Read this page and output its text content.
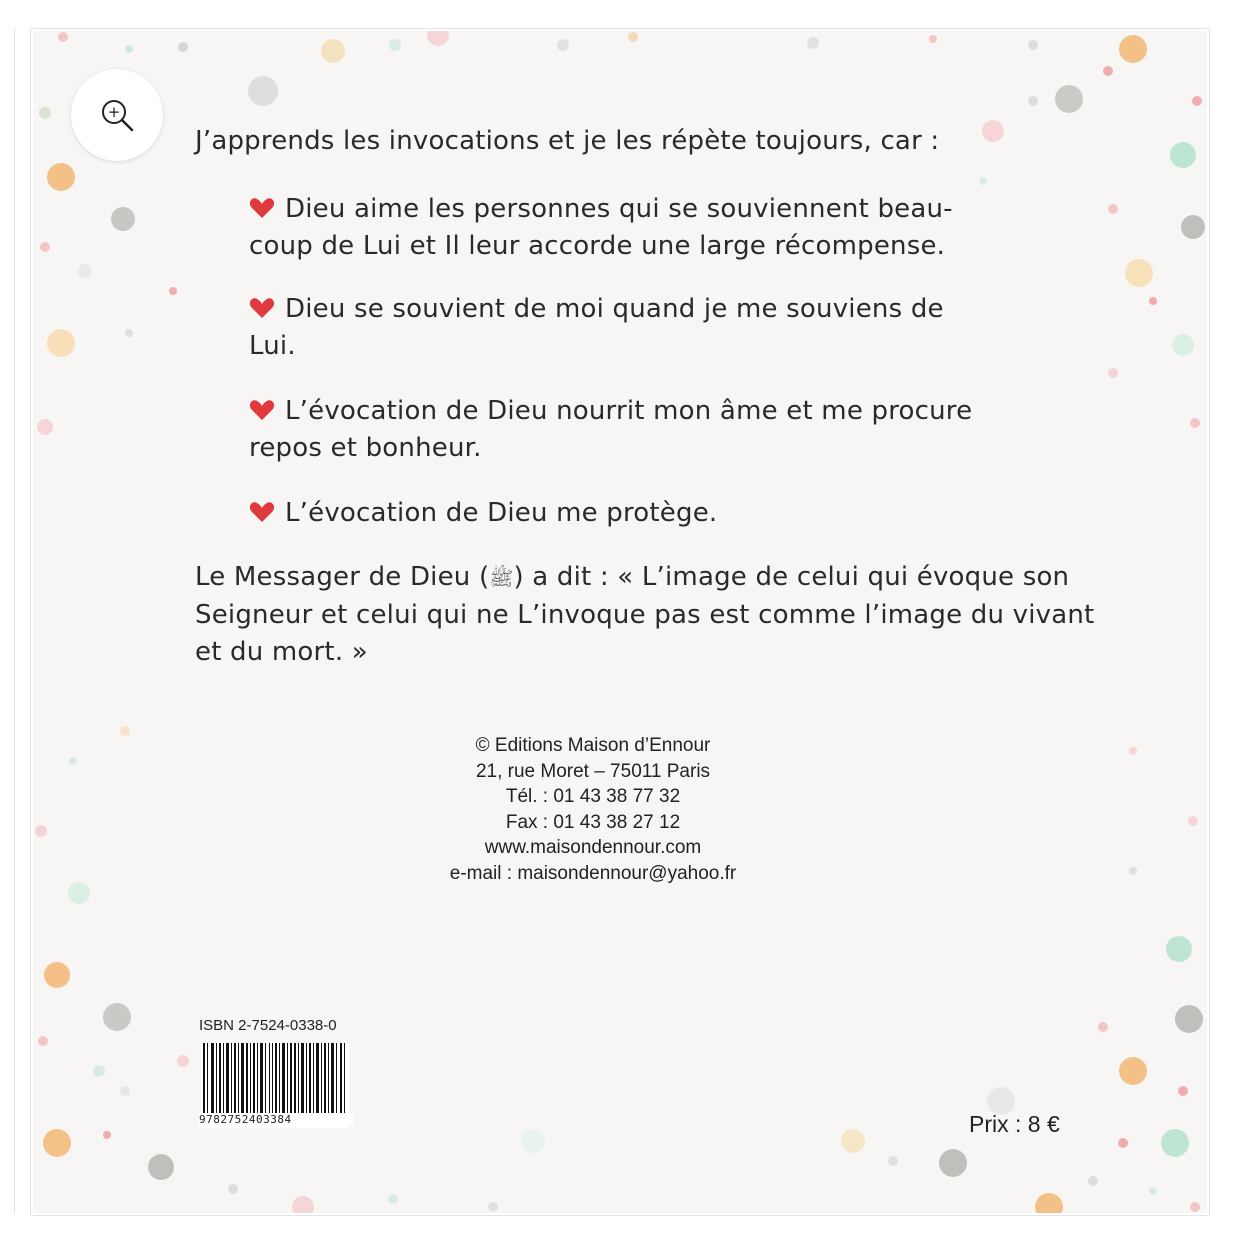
+
J’apprends les invocations et je les répète toujours, car :
Dieu aime les personnes qui se souviennent beau-
coup de Lui et Il leur accorde une large récompense.
Dieu se souvient de moi quand je me souviens de
Lui.
L’évocation de Dieu nourrit mon âme et me procure
repos et bonheur.
L’évocation de Dieu me protège.
Le Messager de Dieu (ﷺ) a dit : « L’image de celui qui évoque son
Seigneur et celui qui ne L’invoque pas est comme l’image du vivant
et du mort. »
© Editions Maison d’Ennour
21, rue Moret – 75011 Paris
Tél. : 01 43 38 77 32
Fax : 01 43 38 27 12
www.maisondennour.com
e-mail : maisondennour@yahoo.fr
ISBN 2-7524-0338-0
9782752403384	Prix : 8 €
